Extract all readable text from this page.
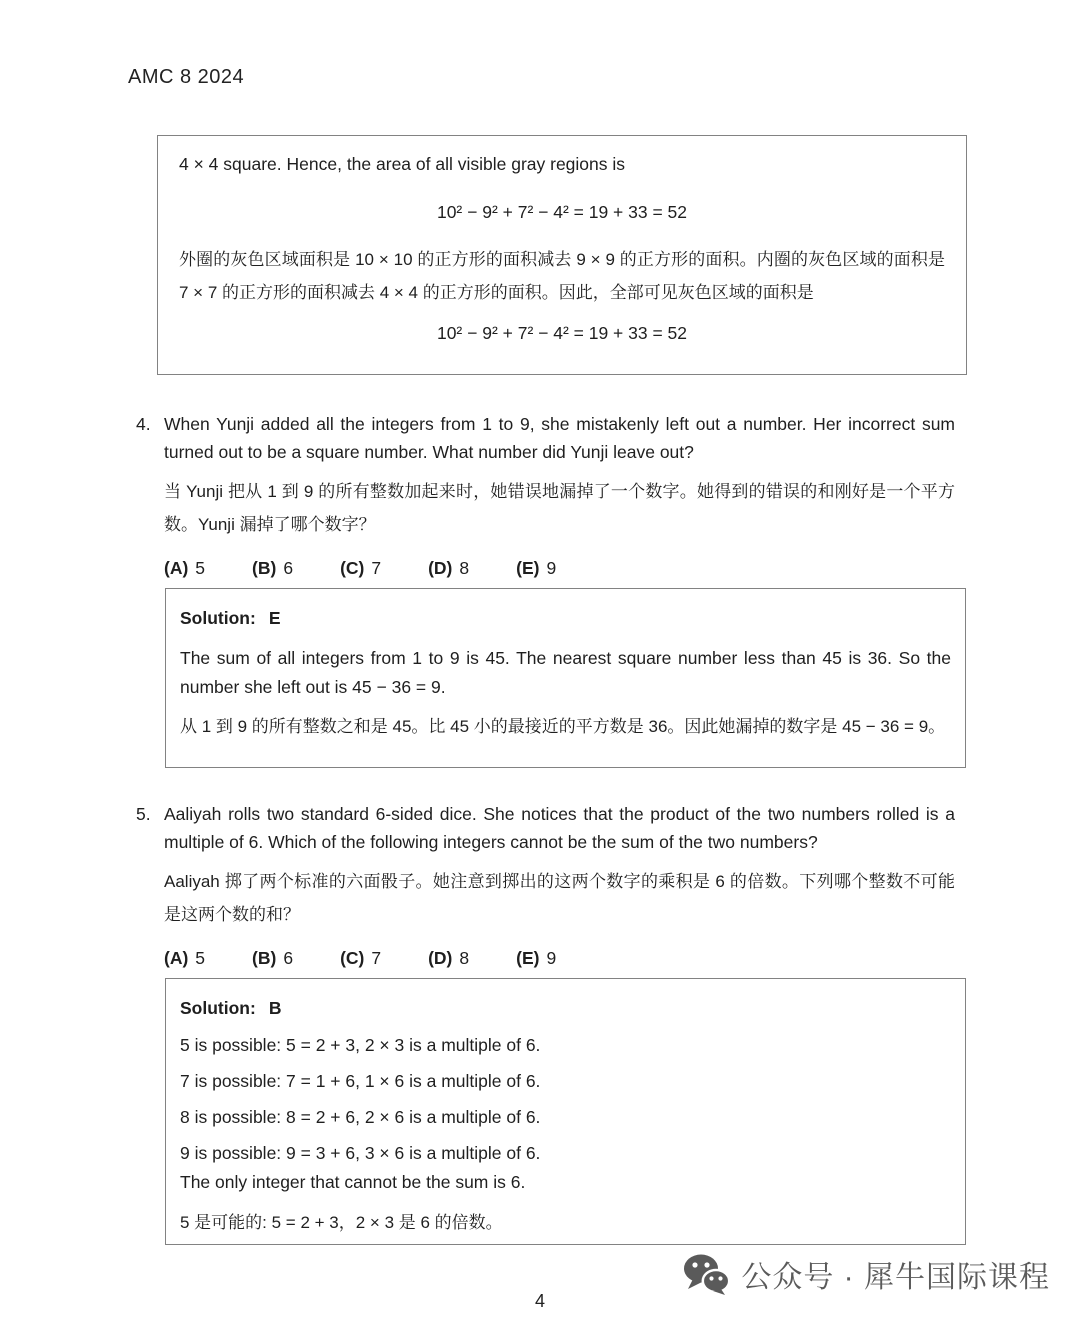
AMC 8 2024

4 × 4 square. Hence, the area of all visible gray regions is

10² − 9² + 7² − 4² = 19 + 33 = 52

外圈的灰色区域面积是 10 × 10 的正方形的面积减去 9 × 9 的正方形的面积。内圈的灰色区域的面积是 7 × 7 的正方形的面积减去 4 × 4 的正方形的面积。因此，全部可见灰色区域的面积是

10² − 9² + 7² − 4² = 19 + 33 = 52

4. When Yunji added all the integers from 1 to 9, she mistakenly left out a number. Her incorrect sum turned out to be a square number. What number did Yunji leave out?

当 Yunji 把从 1 到 9 的所有整数加起来时，她错误地漏掉了一个数字。她得到的错误的和刚好是一个平方数。Yunji 漏掉了哪个数字？

(A) 5	(B) 6	(C) 7	(D) 8	(E) 9

Solution: E

The sum of all integers from 1 to 9 is 45. The nearest square number less than 45 is 36. So the number she left out is 45 − 36 = 9.

从 1 到 9 的所有整数之和是 45。比 45 小的最接近的平方数是 36。因此她漏掉的数字是 45 − 36 = 9。

5. Aaliyah rolls two standard 6-sided dice. She notices that the product of the two numbers rolled is a multiple of 6. Which of the following integers cannot be the sum of the two numbers?

Aaliyah 掷了两个标准的六面骰子。她注意到掷出的这两个数字的乘积是 6 的倍数。下列哪个整数不可能是这两个数的和？

(A) 5	(B) 6	(C) 7	(D) 8	(E) 9

Solution: B

5 is possible: 5 = 2 + 3, 2 × 3 is a multiple of 6.

7 is possible: 7 = 1 + 6, 1 × 6 is a multiple of 6.

8 is possible: 8 = 2 + 6, 2 × 6 is a multiple of 6.

9 is possible: 9 = 3 + 6, 3 × 6 is a multiple of 6.

The only integer that cannot be the sum is 6.

5 是可能的: 5 = 2 + 3，2 × 3 是 6 的倍数。

公众号 · 犀牛国际课程
4
